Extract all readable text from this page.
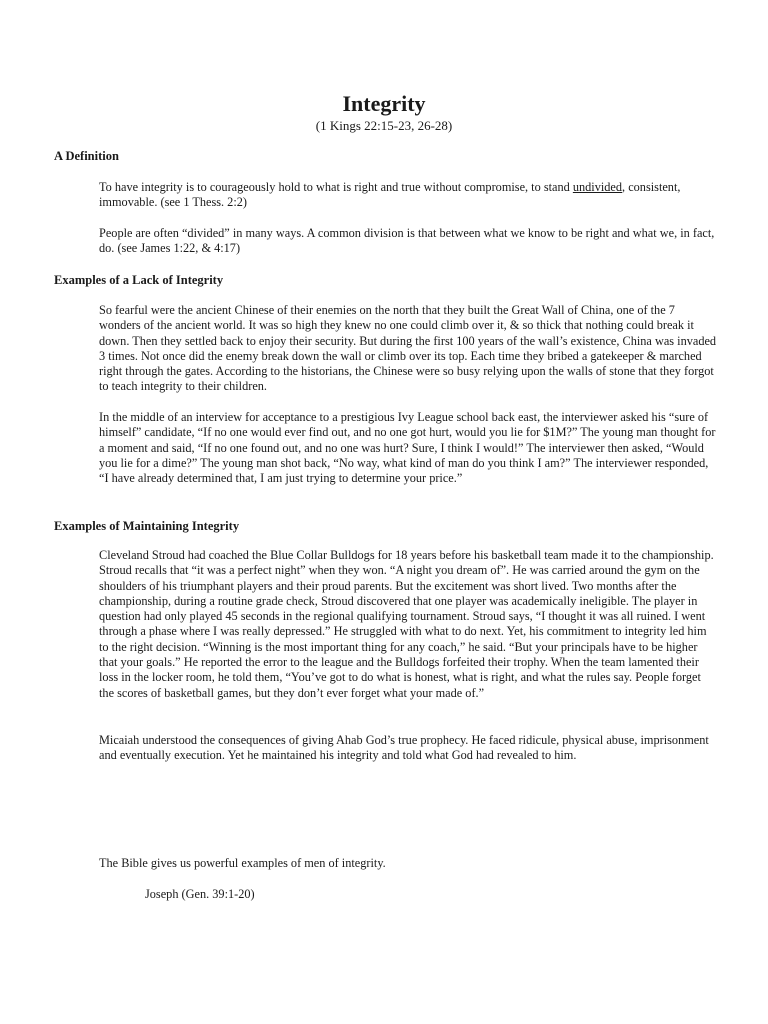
Integrity

(1 Kings 22:15-23, 26-28)

A Definition

To have integrity is to courageously hold to what is right and true without compromise, to stand undivided, consistent, immovable. (see 1 Thess. 2:2)

People are often “divided” in many ways. A common division is that between what we know to be right and what we, in fact, do. (see James 1:22, & 4:17)

Examples of a Lack of Integrity

So fearful were the ancient Chinese of their enemies on the north that they built the Great Wall of China, one of the 7 wonders of the ancient world. It was so high they knew no one could climb over it, & so thick that nothing could break it down. Then they settled back to enjoy their security. But during the first 100 years of the wall’s existence, China was invaded 3 times. Not once did the enemy break down the wall or climb over its top. Each time they bribed a gatekeeper & marched right through the gates. According to the historians, the Chinese were so busy relying upon the walls of stone that they forgot to teach integrity to their children.

In the middle of an interview for acceptance to a prestigious Ivy League school back east, the interviewer asked his “sure of himself” candidate, “If no one would ever find out, and no one got hurt, would you lie for $1M?” The young man thought for a moment and said, “If no one found out, and no one was hurt? Sure, I think I would!” The interviewer then asked, “Would you lie for a dime?” The young man shot back, “No way, what kind of man do you think I am?” The interviewer responded, “I have already determined that, I am just trying to determine your price.”

Examples of Maintaining Integrity

Cleveland Stroud had coached the Blue Collar Bulldogs for 18 years before his basketball team made it to the championship. Stroud recalls that “it was a perfect night” when they won. “A night you dream of”. He was carried around the gym on the shoulders of his triumphant players and their proud parents. But the excitement was short lived. Two months after the championship, during a routine grade check, Stroud discovered that one player was academically ineligible. The player in question had only played 45 seconds in the regional qualifying tournament. Stroud says, “I thought it was all ruined. I went through a phase where I was really depressed.” He struggled with what to do next. Yet, his commitment to integrity led him to the right decision. “Winning is the most important thing for any coach,” he said. “But your principals have to be higher that your goals.” He reported the error to the league and the Bulldogs forfeited their trophy. When the team lamented their loss in the locker room, he told them, “You’ve got to do what is honest, what is right, and what the rules say. People forget the scores of basketball games, but they don’t ever forget what your made of.”

Micaiah understood the consequences of giving Ahab God’s true prophecy. He faced ridicule, physical abuse, imprisonment and eventually execution. Yet he maintained his integrity and told what God had revealed to him.

The Bible gives us powerful examples of men of integrity.

Joseph (Gen. 39:1-20)
